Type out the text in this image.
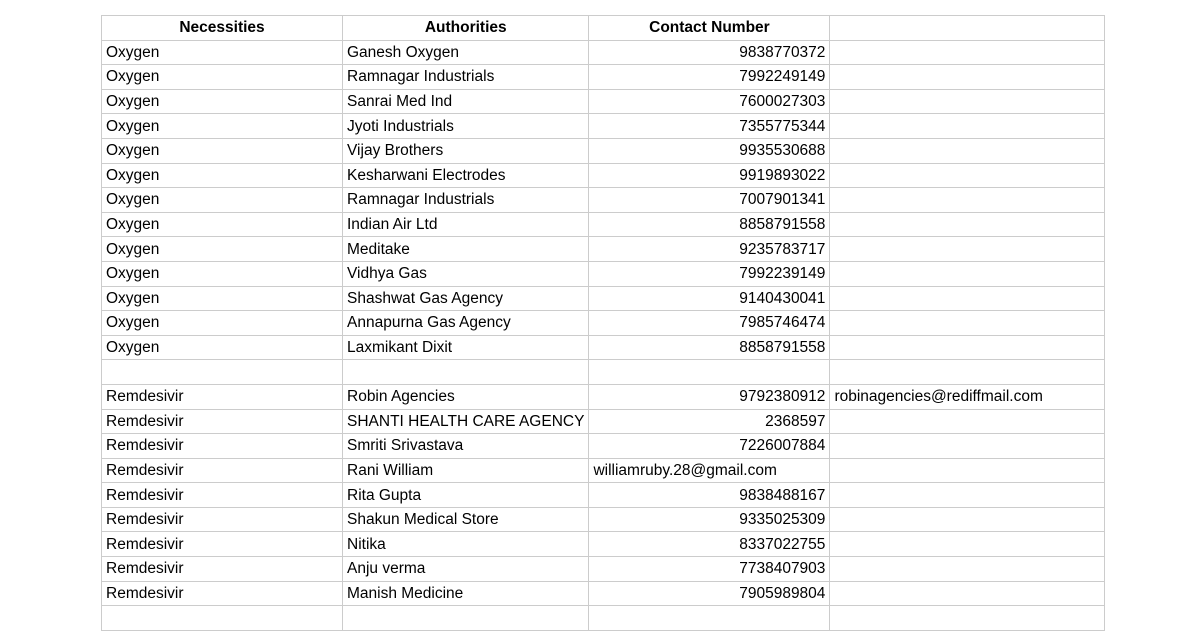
Necessities	Authorities	Contact Number	
Oxygen	Ganesh Oxygen	9838770372	
Oxygen	Ramnagar Industrials	7992249149	
Oxygen	Sanrai Med Ind	7600027303	
Oxygen	Jyoti Industrials	7355775344	
Oxygen	Vijay Brothers	9935530688	
Oxygen	Kesharwani Electrodes	9919893022	
Oxygen	Ramnagar Industrials	7007901341	
Oxygen	Indian Air Ltd	8858791558	
Oxygen	Meditake	9235783717	
Oxygen	Vidhya Gas	7992239149	
Oxygen	Shashwat Gas Agency	9140430041	
Oxygen	Annapurna Gas Agency	7985746474	
Oxygen	Laxmikant Dixit	8858791558	

Remdesivir	Robin Agencies	9792380912	robinagencies@rediffmail.com
Remdesivir	SHANTI HEALTH CARE AGENCY	2368597	
Remdesivir	Smriti Srivastava	7226007884	
Remdesivir	Rani William	williamruby.28@gmail.com	
Remdesivir	Rita Gupta	9838488167	
Remdesivir	Shakun Medical Store	9335025309	
Remdesivir	Nitika	8337022755	
Remdesivir	Anju verma	7738407903	
Remdesivir	Manish Medicine	7905989804	
